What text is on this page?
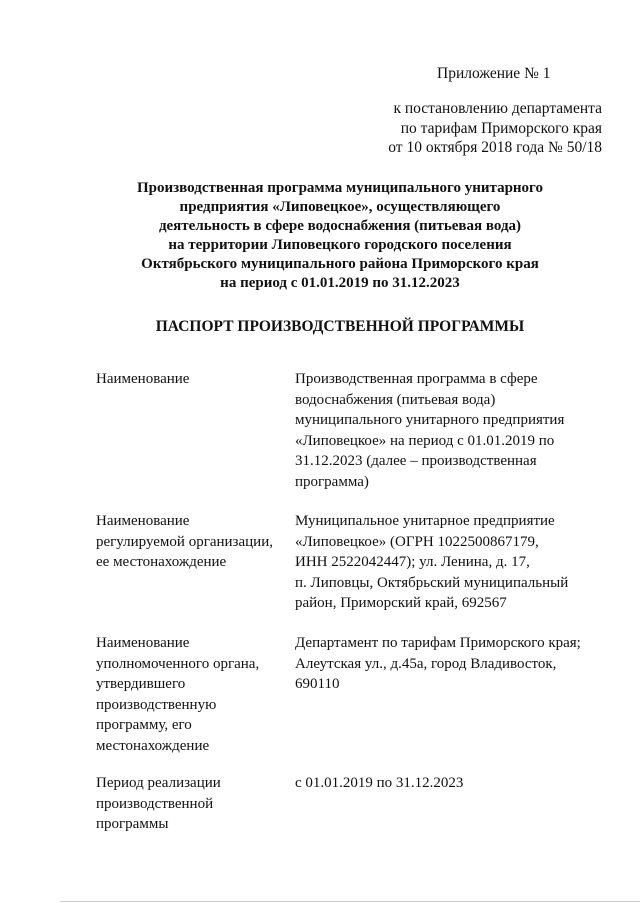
Приложение № 1
к постановлению департамента
по тарифам Приморского края
от 10 октября 2018 года № 50/18
Производственная программа муниципального унитарного
предприятия «Липовецкое», осуществляющего
деятельность в сфере водоснабжения (питьевая вода)
на территории Липовецкого городского поселения
Октябрьского муниципального района Приморского края
на период с 01.01.2019 по 31.12.2023
ПАСПОРТ ПРОИЗВОДСТВЕННОЙ ПРОГРАММЫ
Наименование	Производственная программа в сфере
водоснабжения (питьевая вода)
муниципального унитарного предприятия
«Липовецкое» на период с 01.01.2019 по
31.12.2023 (далее – производственная
программа)
Наименование
регулируемой организации,
ее местонахождение
Муниципальное унитарное предприятие
«Липовецкое» (ОГРН 1022500867179,
ИНН 2522042447); ул. Ленина, д. 17,
п. Липовцы, Октябрьский муниципальный
район, Приморский край, 692567
Наименование
уполномоченного органа,
утвердившего
производственную
программу, его
местонахождение
Департамент по тарифам Приморского края;
Алеутская ул., д.45а, город Владивосток,
690110
Период реализации
производственной
программы
с 01.01.2019 по 31.12.2023
